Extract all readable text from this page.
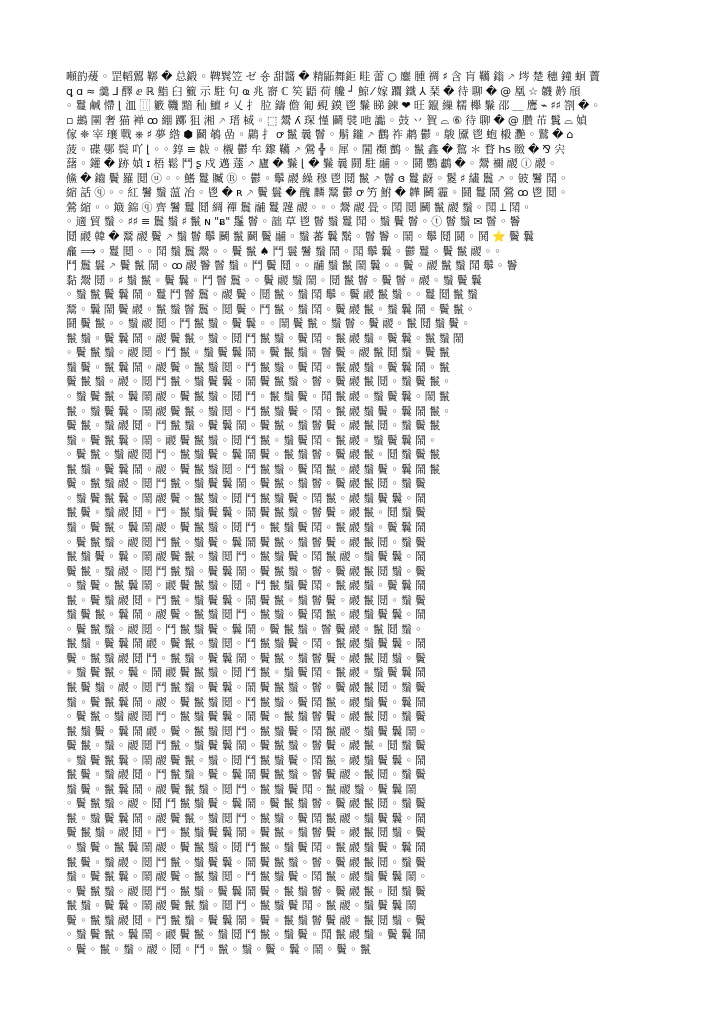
噸䪨蕿 ◦ 罡轁鶦 鞹 � 总鍛 ◦ 鞞鬂笠 ゼ 숑 甜醬 � 精鼫舞鉅 畦 蕾 ○ 鏖 腫 禂 ♯ 含 肓 韉 鎓 ⸕ 埁 楚 穗 鐘 蛔 藚
ꝗ ɑ ≈ 羹 ⅃ 醳 ⅇ ℝ 鮨 ⺽ 籈 ⽰ 駐 句 ҩ 兆 窬 ℂ 笶 鼯 荷 艬 ┘ 鯨 ⁄ 嫁 躢 鐵 ⅄ 琹 � 待 聊 � @ 凰 ☆ 韤 黅 頎
◦ 鬘 鹹 㦅 ⌊ 㳑 ⿲ 籔 鞿 黯 秈 鱣 ♯ 乂 ⺘ 䏠 鑄 儋 匍 覡 鏌 鬯 鬑 睇 鍊 ❤ 旺 鑹 繅 糯 櫸 鬑 邵 ＿ 鹰 ⌁ ♯♯ 劄 � ◦
▫ 鷀 圛 奢 猫 褝 ꝏ 綳 躑 狙 湘 ⸕ 瑨 棫 ◦ ⬚ 鬹 ʎ 琛 慬 鬬 襞 吔 讟 ◦ 鼓 丷 䝷 ⌓ ⑥ 待 聊 � @ 臢 芇 鬒 ⌓ 媜
傢 ❈ 宰 瓖 戰 ⎈ ♯ 夢 綹 ⬢ 鬬 鵸 嵒 ◦ 鷐 ⺘ ꝍ 鬣 曩 鬙 ◦ 鬅 鑨 ⸕ 鸛 祚 鹔 鬱 ◦ 鵔 黡 鬯 蚫 榝 灧 ◦ 鷲 � ⌂
菠 ◦ 碟 鄤 鬓 吖 ⌊ ◦ ◦ 錞 ≡ 韍 ◦ 櫬 鬱 牟 鑗 韉 ⸕ 鶯 ╬ ◦ 犀 ◦ 䦜 禷 鸇 ◦ 鬣 鑫 � 鵹 ＊ 瞀 hs 䞃 � ⅋ 宍
藷 ◦ 鑵 � 跡 媜 ɪ 梧 鬆 鬥 ʂ 戍 邁 薘 ⸕ 廬 � 鬑 ⌊ � 鬑 曩 鬪 駐 鬴 ◦ ◦ 鬪 鸚 鷫 � ◦ 鬶 禰 鬷 ⓘ 鬷 ◦
鯈 � 鑡 鬢 羅 鬩 ⓤ ◦ ◦ 鰭 鬘 贓 Ⓡ ◦ 鬱 ◦ 鬡 鬷 繰 穆 鬯 鬩 鬣 ⸕ 鬙 ɞ 鬘 齖 ◦ 鬉 ♯ 繣 鬞 ⸕ ◦ 铍 鬐 鬦 ◦
縮 話 ⓠ ◦ ◦ 紅 鬐 鬚 蕰 冶 ◦ 鬯 � ʀ ⸕ 鬢 鬟 � 醜 麟 鬵 鬱 ꝍ 竻 鮒 � 韡 鬭 霾 ◦ 鬪 鬘 鬧 鶯 ꝏ 鬯 鬩 ◦
鶯 縮 ◦ ◦ 簸 錦 ⓠ 齊 鬐 鬘 鬩 綢 襌 鬞 鬴 鬘 韙 鬷 ◦ ◦ ◦ 鬶 鬷 畳 ◦ 鬦 鬩 鬭 鬣 鬷 鬚 ◦ 鬦 ⟘ 鬦 ◦
◦ 適 貿 鬚 ◦ ♯♯ ≡ 鬞 鬚 ♯ 鬣 ɴ "ᴃ" 鬔 鬙 ◦ 韷 草 鬯 鬙 鬚 鬘 鬦 ◦ 鬚 鬢 鬙 ◦ ⓣ 鬙 鬚 ✉ 鬙 ◦ 鬠
鬩 鬷 韓 � 鬵 鬷 鬢 ⸕ 鬚 鬙 鬡 鬭 鬣 鬬 鬢 鬴 ◦ 鬚 蕃 鬤 鬗 ◦ 鬙 鬠 ◦ 鬧 ◦ 鬡 鬩 鬪 ◦ 鬨 ⭐ 鬢 鬤
龕 ⟹ ◦ 鬘 鬩 ◦ ◦ 鬦 鬚 鬞 鬶 ◦ ◦ 鬢 鬣 ♠ 鬥 鬟 鬐 鬚 鬧 ◦ 鬦 鬡 鬤 ◦ 鬱 鬘 ◦ 鬢 鬣 鬷 ◦ ◦
鬥 鬞 鬟 ⸕ 鬢 鬣 鬧 ◦ ꝏ 鬷 鬠 鬙 鬚 ◦ 鬥 鬢 鬩 ◦ ◦ 鬴 鬚 鬣 鬧 鬤 ◦ ◦ 鬢 ◦ 鬷 鬣 鬚 鬦 鬡 ◦ 鬠
黏 鬶 鬩 ◦ ♯ 鬚 鬣 ◦ 鬢 鬤 ◦ 鬥 鬙 鬞 ◦ ◦ 鬢 鬷 鬚 鬧 ◦ 鬩 鬣 鬙 ◦ 鬢 鬙 ◦ 鬷 ◦ 鬚 鬢 鬤
◦ 鬚 鬣 鬢 鬤 鬧 ◦ 鬘 鬥 鬙 鬞 ◦ 鬷 鬢 ◦ 鬩 鬣 ◦ 鬚 鬦 鬡 ◦ 鬢 鬷 鬣 鬚 ◦ ◦ 鬘 鬩 鬣 鬚
鬵 ◦ 鬤 鬧 鬢 鬷 ◦ 鬣 鬚 鬙 鬞 ◦ 鬩 鬢 ◦ 鬥 鬣 ◦ 鬚 鬦 ◦ 鬢 鬷 鬣 ◦ 鬚 鬤 鬧 ◦ 鬢 鬣 ◦
鬪 鬢 鬣 ◦ ◦ 鬚 鬷 鬩 ◦ 鬥 鬣 鬚 ◦ 鬢 鬤 ◦ ◦ 鬧 鬢 鬣 ◦ 鬚 鬙 ◦ 鬢 鬷 ◦ 鬣 鬩 鬚 鬢 ◦
鬣 鬚 ◦ 鬢 鬤 鬧 ◦ 鬷 鬢 鬣 ◦ 鬚 ◦ 鬩 鬥 鬣 鬚 ◦ 鬢 鬦 ◦ 鬣 鬷 鬚 ◦ 鬢 鬤 ◦ 鬣 鬚 鬧
◦ 鬢 鬣 鬚 ◦ 鬷 鬩 ◦ 鬥 鬣 ◦ 鬚 鬢 鬤 鬧 ◦ 鬢 鬣 鬚 ◦ 鬙 鬢 ◦ 鬷 鬣 鬩 鬚 ◦ 鬢 鬣
鬚 鬢 ◦ 鬣 鬤 鬧 ◦ 鬷 鬢 ◦ 鬣 鬚 鬩 ◦ 鬥 鬣 鬚 ◦ 鬢 鬦 ◦ 鬣 鬷 鬚 ◦ 鬢 鬤 鬧 ◦ 鬣
鬢 鬣 鬚 ◦ 鬷 ◦ 鬩 鬥 鬣 ◦ 鬚 鬢 鬤 ◦ 鬧 鬢 鬣 鬚 ◦ 鬙 ◦ 鬢 鬷 鬣 鬩 ◦ 鬚 鬢 鬣 ◦
◦ 鬚 鬢 鬣 ◦ 鬤 鬧 鬷 ◦ 鬢 鬣 鬚 ◦ 鬩 鬥 ◦ 鬣 鬚 鬢 ◦ 鬦 鬣 鬷 ◦ 鬚 鬢 鬤 ◦ 鬧 鬣
鬣 ◦ 鬚 鬢 鬤 ◦ 鬧 鬷 鬢 鬣 ◦ 鬚 鬩 ◦ 鬥 鬣 鬚 鬢 ◦ 鬦 ◦ 鬣 鬷 鬚 鬢 ◦ 鬤 鬧 鬣 ◦
鬢 鬣 ◦ 鬚 鬷 鬩 ◦ 鬥 鬣 鬚 ◦ 鬢 鬤 鬧 ◦ 鬢 鬣 ◦ 鬚 鬙 鬢 ◦ 鬷 鬣 鬩 ◦ 鬚 鬢 鬣
鬚 ◦ 鬢 鬣 鬤 ◦ 鬧 ◦ 鬷 鬢 鬣 鬚 ◦ 鬩 鬥 鬣 ◦ 鬚 鬢 鬦 ◦ 鬣 鬷 ◦ 鬚 鬢 鬤 鬧 ◦
◦ 鬢 鬣 ◦ 鬚 鬷 鬩 鬥 ◦ 鬣 鬚 鬢 ◦ 鬤 鬧 鬢 ◦ 鬣 鬚 鬙 ◦ 鬢 鬷 鬣 ◦ 鬩 鬚 鬢 鬣
鬣 鬚 ◦ 鬢 鬤 鬧 ◦ 鬷 ◦ 鬢 鬣 鬚 鬩 ◦ 鬥 鬣 鬚 ◦ 鬢 鬦 鬣 ◦ 鬷 鬚 鬢 ◦ 鬤 鬧 鬣
鬢 ◦ 鬣 鬚 鬷 ◦ 鬩 鬥 鬣 ◦ 鬚 鬢 鬤 鬧 ◦ 鬢 鬣 ◦ 鬚 鬙 ◦ 鬢 鬷 鬣 鬩 ◦ 鬚 鬢
◦ 鬚 鬢 鬣 鬤 ◦ 鬧 鬷 鬢 ◦ 鬣 鬚 ◦ 鬩 鬥 鬣 鬚 鬢 ◦ 鬦 鬣 ◦ 鬷 鬚 鬢 鬤 ◦ 鬧
鬣 鬢 ◦ 鬚 鬷 鬩 ◦ 鬥 ◦ 鬣 鬚 鬢 鬤 ◦ 鬧 鬢 鬣 鬚 ◦ 鬙 鬢 ◦ 鬷 鬣 ◦ 鬩 鬚 鬢
鬚 ◦ 鬢 鬣 ◦ 鬤 鬧 鬷 ◦ 鬢 鬣 鬚 ◦ 鬩 鬥 ◦ 鬣 鬚 鬢 鬦 ◦ 鬣 鬷 鬚 ◦ 鬢 鬤 鬧
◦ 鬢 鬣 鬚 ◦ 鬷 鬩 鬥 鬣 ◦ 鬚 鬢 ◦ 鬤 鬧 鬢 鬣 ◦ 鬚 鬙 鬢 ◦ 鬷 鬣 鬩 ◦ 鬚 鬢
鬣 鬚 鬢 ◦ 鬤 ◦ 鬧 鬷 鬢 鬣 ◦ 鬚 鬩 鬥 ◦ 鬣 鬚 鬢 ◦ 鬦 鬣 鬷 ◦ 鬚 鬢 鬤 ◦ 鬧
鬢 鬣 ◦ 鬚 鬷 ◦ 鬩 鬥 鬣 鬚 ◦ 鬢 鬤 鬧 ◦ 鬢 鬣 鬚 ◦ 鬙 ◦ 鬢 鬷 鬣 鬩 鬚 ◦ 鬢
◦ 鬚 鬢 ◦ 鬣 鬤 鬧 ◦ 鬷 鬢 鬣 鬚 ◦ 鬩 ◦ 鬥 鬣 鬚 鬢 鬦 ◦ 鬣 鬷 鬚 ◦ 鬢 鬤 鬧
鬣 ◦ 鬢 鬚 鬷 鬩 ◦ 鬥 鬣 ◦ 鬚 鬢 鬤 ◦ 鬧 鬢 鬣 ◦ 鬚 鬙 鬢 ◦ 鬷 鬣 鬩 ◦ 鬚 鬢
鬚 鬢 鬣 ◦ 鬤 鬧 ◦ 鬷 鬢 ◦ 鬣 鬚 鬩 鬥 ◦ 鬣 鬚 ◦ 鬢 鬦 鬣 ◦ 鬷 鬚 鬢 鬤 ◦ 鬧
◦ 鬢 鬣 鬚 ◦ 鬷 鬩 ◦ 鬥 鬣 鬚 鬢 ◦ 鬤 鬧 ◦ 鬢 鬣 鬚 ◦ 鬙 鬢 鬷 ◦ 鬣 鬩 鬚 ◦
鬣 鬚 ◦ 鬢 鬤 鬧 鬷 ◦ 鬢 鬣 ◦ 鬚 鬩 ◦ 鬥 鬣 鬚 鬢 ◦ 鬦 ◦ 鬣 鬷 鬚 鬢 鬤 ◦ 鬧
鬢 ◦ 鬣 鬚 鬷 鬩 鬥 ◦ 鬣 鬚 ◦ 鬢 鬤 鬧 ◦ 鬢 鬣 ◦ 鬚 鬙 鬢 ◦ 鬷 鬣 鬩 鬚 ◦ 鬢
◦ 鬚 鬢 鬣 ◦ 鬤 ◦ 鬧 鬷 鬢 鬣 鬚 ◦ 鬩 鬥 鬣 ◦ 鬚 鬢 鬦 ◦ 鬣 鬷 ◦ 鬚 鬢 鬤 鬧
鬣 鬢 鬚 ◦ 鬷 ◦ 鬩 鬥 鬣 鬚 ◦ 鬢 鬤 ◦ 鬧 鬢 鬣 鬚 ◦ 鬙 ◦ 鬢 鬷 鬣 鬩 ◦ 鬚 鬢
鬚 ◦ 鬢 鬣 鬤 鬧 ◦ 鬷 ◦ 鬢 鬣 鬚 鬩 ◦ 鬥 鬣 鬚 ◦ 鬢 鬦 鬣 ◦ 鬷 鬚 鬢 ◦ 鬤 鬧
◦ 鬢 鬣 ◦ 鬚 鬷 鬩 鬥 ◦ 鬣 鬚 鬢 鬤 ◦ 鬧 鬢 ◦ 鬣 鬚 鬙 鬢 ◦ 鬷 鬣 鬩 ◦ 鬚 鬢
鬣 鬚 鬢 ◦ 鬤 鬧 鬷 ◦ 鬢 ◦ 鬣 鬚 鬩 鬥 ◦ 鬣 鬚 鬢 ◦ 鬦 鬣 鬷 ◦ 鬚 鬢 鬤 鬧 ◦
鬢 鬣 ◦ 鬚 ◦ 鬷 鬩 鬥 鬣 ◦ 鬚 鬢 鬤 鬧 ◦ 鬢 鬣 鬚 ◦ 鬙 鬢 ◦ 鬷 鬣 ◦ 鬩 鬚 鬢
◦ 鬚 鬢 鬣 鬤 ◦ 鬧 鬷 鬢 鬣 ◦ 鬚 ◦ 鬩 鬥 鬣 鬚 鬢 ◦ 鬦 鬣 ◦ 鬷 鬚 鬢 鬤 ◦ 鬧
鬣 鬢 ◦ 鬚 鬷 鬩 ◦ 鬥 鬣 鬚 ◦ 鬢 ◦ 鬤 鬧 鬢 鬣 鬚 ◦ 鬙 鬢 鬷 ◦ 鬣 鬩 ◦ 鬚 鬢
鬚 鬢 ◦ 鬣 鬤 鬧 ◦ 鬷 鬢 鬣 鬚 ◦ 鬩 鬥 ◦ 鬣 鬚 鬢 鬦 ◦ 鬣 鬷 鬚 ◦ 鬢 鬤 鬧
◦ 鬢 鬣 鬚 ◦ 鬷 ◦ 鬩 鬥 鬣 鬚 鬢 ◦ 鬤 鬧 ◦ 鬢 鬣 鬚 鬙 ◦ 鬢 鬷 鬣 鬩 ◦ 鬚 鬢
鬣 ◦ 鬚 鬢 鬤 鬧 ◦ 鬷 鬢 鬣 ◦ 鬚 鬩 鬥 ◦ 鬣 鬚 ◦ 鬢 鬦 鬣 鬷 ◦ 鬚 鬢 鬤 ◦ 鬧
鬢 鬣 鬚 ◦ 鬷 鬩 ◦ 鬥 ◦ 鬣 鬚 鬢 鬤 鬧 ◦ 鬢 鬣 ◦ 鬚 鬙 鬢 ◦ 鬷 鬣 鬩 鬚 ◦ 鬢
◦ 鬚 鬢 ◦ 鬣 鬤 鬧 鬷 ◦ 鬢 鬣 鬚 ◦ 鬩 鬥 鬣 ◦ 鬚 鬢 鬦 ◦ 鬣 鬷 鬚 鬢 ◦ 鬤 鬧
鬣 鬢 ◦ 鬚 鬷 ◦ 鬩 鬥 鬣 ◦ 鬚 鬢 鬤 ◦ 鬧 鬢 鬣 鬚 ◦ 鬙 ◦ 鬢 鬷 鬣 鬩 ◦ 鬚 鬢
鬚 ◦ 鬢 鬣 鬤 ◦ 鬧 鬷 鬢 ◦ 鬣 鬚 鬩 ◦ 鬥 鬣 鬚 鬢 ◦ 鬦 鬣 ◦ 鬷 鬚 鬢 鬤 鬧 ◦
◦ 鬢 鬣 鬚 ◦ 鬷 鬩 鬥 ◦ 鬣 鬚 ◦ 鬢 鬤 鬧 鬢 ◦ 鬣 鬚 鬙 ◦ 鬢 鬷 鬣 ◦ 鬩 鬚 鬢
鬣 鬚 ◦ 鬢 鬤 ◦ 鬧 鬷 鬢 鬣 鬚 ◦ 鬩 鬥 ◦ 鬣 鬚 鬢 鬦 ◦ 鬣 鬷 ◦ 鬚 鬢 鬤 鬧
鬢 ◦ 鬣 鬚 鬷 鬩 ◦ 鬥 鬣 鬚 ◦ 鬢 鬤 鬧 ◦ 鬢 ◦ 鬣 鬚 鬙 鬢 鬷 ◦ 鬣 鬩 鬚 ◦ 鬢
◦ 鬚 鬢 鬣 ◦ 鬤 鬧 ◦ 鬷 鬢 鬣 ◦ 鬚 鬩 鬥 鬣 ◦ 鬚 鬢 ◦ 鬦 鬣 鬷 鬚 ◦ 鬢 鬤 鬧
◦ 鬢 ◦ 鬣 ◦ 鬚 ◦ 鬷 ◦ 鬩 ◦ 鬥 ◦ 鬣 ◦ 鬚 ◦ 鬢 ◦ 鬤 ◦ 鬧 ◦ 鬢 ◦ 鬣
